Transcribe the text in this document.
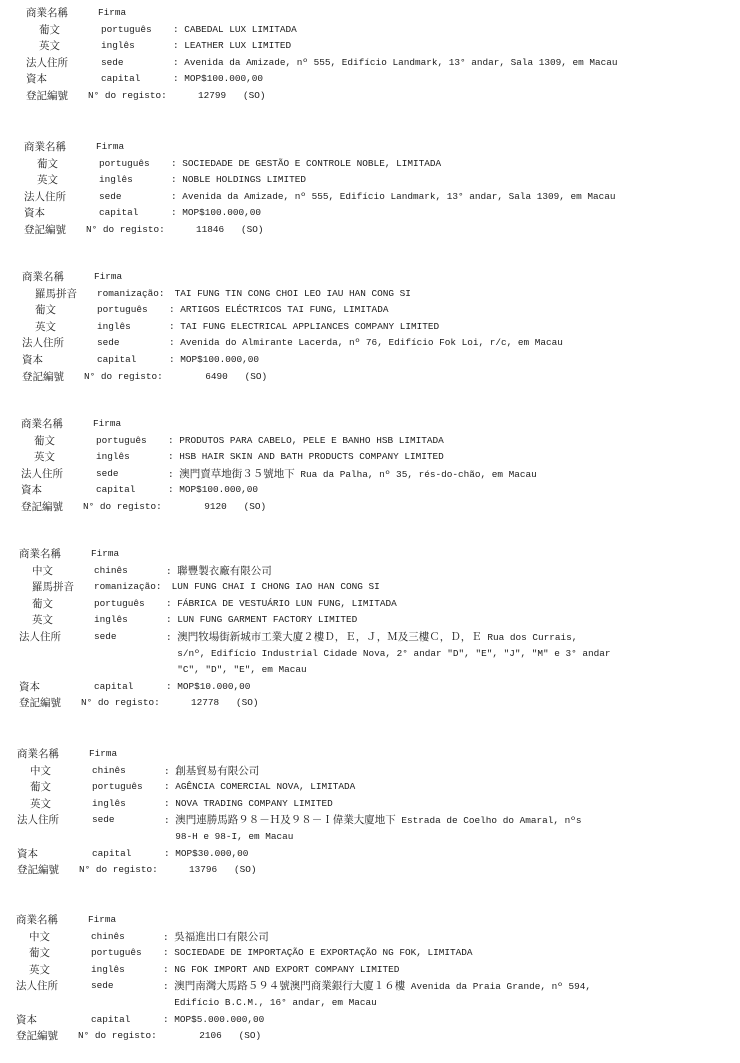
商業名稱	Firma
葡文	português : CABEDAL LUX LIMITADA
英文	inglês	: LEATHER LUX LIMITED
法人住所	sede	: Avenida da Amizade, nº 555, Edifício Landmark, 13° andar, Sala 1309, em Macau
資本	capital	: MOP$100.000,00
登記編號 N° do registo:	12799 (SO)
商業名稱	Firma
葡文	português : SOCIEDADE DE GESTÃO E CONTROLE NOBLE, LIMITADA
英文	inglês	: NOBLE HOLDINGS LIMITED
法人住所	sede	: Avenida da Amizade, nº 555, Edifício Landmark, 13° andar, Sala 1309, em Macau
資本	capital	: MOP$100.000,00
登記編號 N° do registo:	11846 (SO)
商業名稱	Firma
羅馬拼音 romanização:	TAI FUNG TIN CONG CHOI LEO IAU HAN CONG SI
葡文	português : ARTIGOS ELÉCTRICOS TAI FUNG, LIMITADA
英文	inglês	: TAI FUNG ELECTRICAL APPLIANCES COMPANY LIMITED
法人住所	sede	: Avenida do Almirante Lacerda, nº 76, Edifício Fok Loi, r/c, em Macau
資本	capital	: MOP$100.000,00
登記編號 N° do registo:	6490 (SO)
商業名稱	Firma
葡文	português : PRODUTOS PARA CABELO, PELE E BANHO HSB LIMITADA
英文	inglês	: HSB HAIR SKIN AND BATH PRODUCTS COMPANY LIMITED
法人住所	sede	: 澳門賣草地街３５號地下 Rua da Palha, nº 35, rés-do-chão, em Macau
資本	capital	: MOP$100.000,00
登記編號 N° do registo:	9120 (SO)
商業名稱	Firma
中文	chinês	: 聯豐製衣廠有限公司
羅馬拼音 romanização:	LUN FUNG CHAI I CHONG IAO HAN CONG SI
葡文	português : FÁBRICA DE VESTUÁRIO LUN FUNG, LIMITADA
英文	inglês	: LUN FUNG GARMENT FACTORY LIMITED
法人住所	sede	: 澳門牧場街新城市工業大廈２樓Ｄ，Ｅ，Ｊ，Ｍ及三樓Ｃ，Ｄ，Ｅ Rua dos Currais,
s/nº, Edifício Industrial Cidade Nova, 2° andar "D", "E", "J", "M" e 3° andar
"C", "D", "E", em Macau
資本	capital	: MOP$10.000,00
登記編號 N° do registo:	12778 (SO)
商業名稱	Firma
中文	chinês	: 創基貿易有限公司
葡文	português : AGÊNCIA COMERCIAL NOVA, LIMITADA
英文	inglês	: NOVA TRADING COMPANY LIMITED
法人住所	sede	: 澳門連勝馬路９８－Ｈ及９８－Ｉ偉業大廈地下 Estrada de Coelho do Amaral, nºs
98-H e 98-I, em Macau
資本	capital	: MOP$30.000,00
登記編號 N° do registo:	13796 (SO)
商業名稱	Firma
中文	chinês	: 吳福進出口有限公司
葡文	português : SOCIEDADE DE IMPORTAÇÃO E EXPORTAÇÃO NG FOK, LIMITADA
英文	inglês	: NG FOK IMPORT AND EXPORT COMPANY LIMITED
法人住所	sede	: 澳門南灣大馬路５９４號澳門商業銀行大廈１６樓 Avenida da Praia Grande, nº 594,
Edifício B.C.M., 16° andar, em Macau
資本	capital	: MOP$5.000.000,00
登記編號 N° do registo:	2106 (SO)
